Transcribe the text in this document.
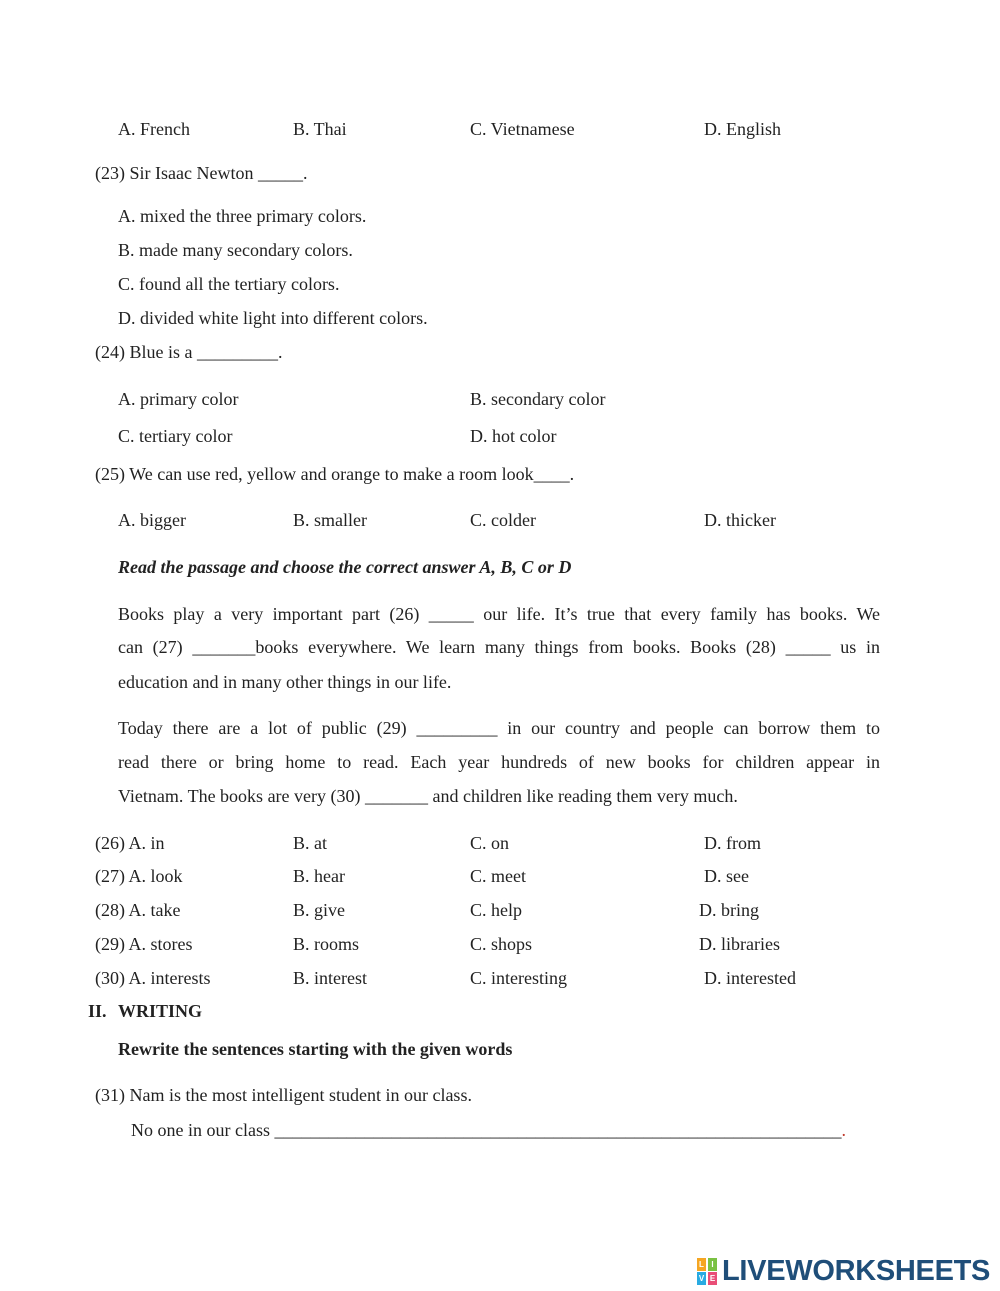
A. French	B. Thai	C. Vietnamese	D. English
(23) Sir Isaac Newton _____.
A. mixed the three primary colors.
B. made many secondary colors.
C. found all the tertiary colors.
D. divided white light into different colors.
(24) Blue is a _________.
A. primary color	B. secondary color
C. tertiary color	D. hot color
(25) We can use red, yellow and orange to make a room look____.
A. bigger	B. smaller	C. colder	D. thicker
Read the passage and choose the correct answer A, B, C or D
Books play a very important part (26) _____ our life. It’s true that every family has books. We
can (27) _______books everywhere. We learn many things from books. Books (28) _____ us in
education and in many other things in our life.
Today there are a lot of public (29) _________ in our country and people can borrow them to
read there or bring home to read. Each year hundreds of new books for children appear in
Vietnam. The books are very (30) _______ and children like reading them very much.
(26) A. in	B. at	C. on	D. from
(27) A. look	B. hear	C. meet	D. see
(28) A. take	B. give	C. help	D. bring
(29) A. stores	B. rooms	C. shops	D. libraries
(30) A. interests	B. interest	C. interesting	D. interested
II. WRITING
Rewrite the sentences starting with the given words
(31) Nam is the most intelligent student in our class.
No one in our class _______________________________________________________________.
L I
V E LIVEWORKSHEETS
